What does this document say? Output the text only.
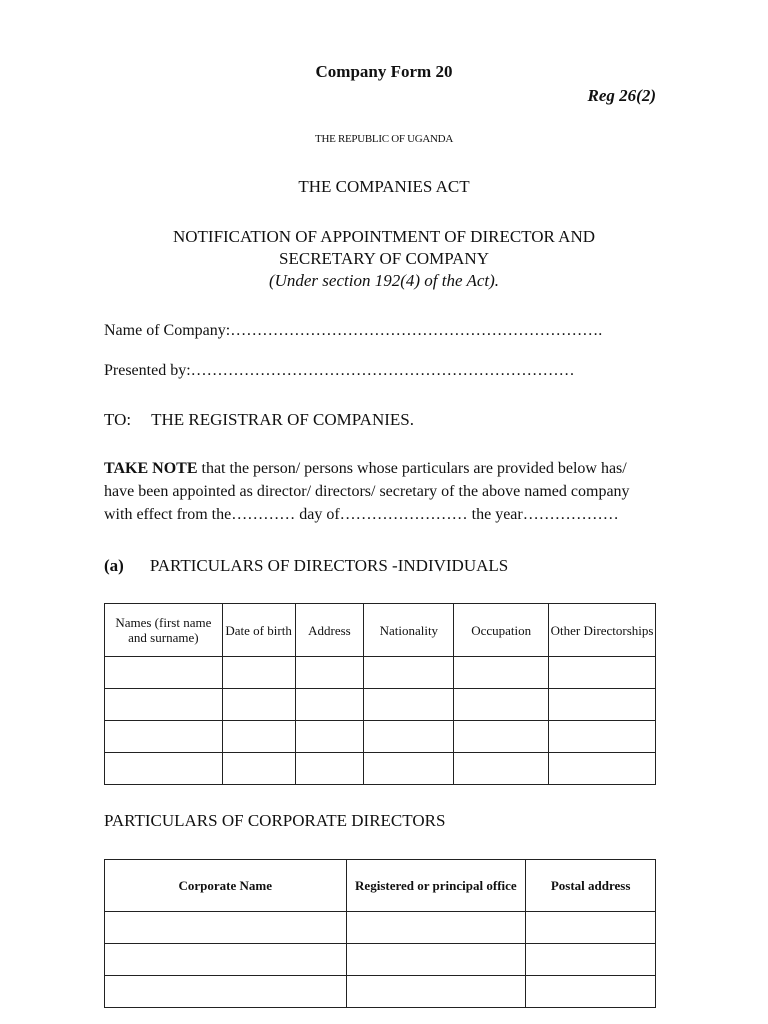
Company Form 20
Reg 26(2)
THE REPUBLIC OF UGANDA
THE COMPANIES ACT
NOTIFICATION OF APPOINTMENT OF DIRECTOR AND
SECRETARY OF COMPANY
(Under section 192(4) of the Act).
Name of Company:…………………………………………………………….
Presented by:………………………………………………………………
TO: THE REGISTRAR OF COMPANIES.
TAKE NOTE that the person/ persons whose particulars are provided below has/
have been appointed as director/ directors/ secretary of the above named company
with effect from the………… day of…………………… the year………………
(a) PARTICULARS OF DIRECTORS -INDIVIDUALS
Names (first name and surname)	Date of birth	Address	Nationality	Occupation	Other Directorships

PARTICULARS OF CORPORATE DIRECTORS
Corporate Name	Registered or principal office	Postal address
